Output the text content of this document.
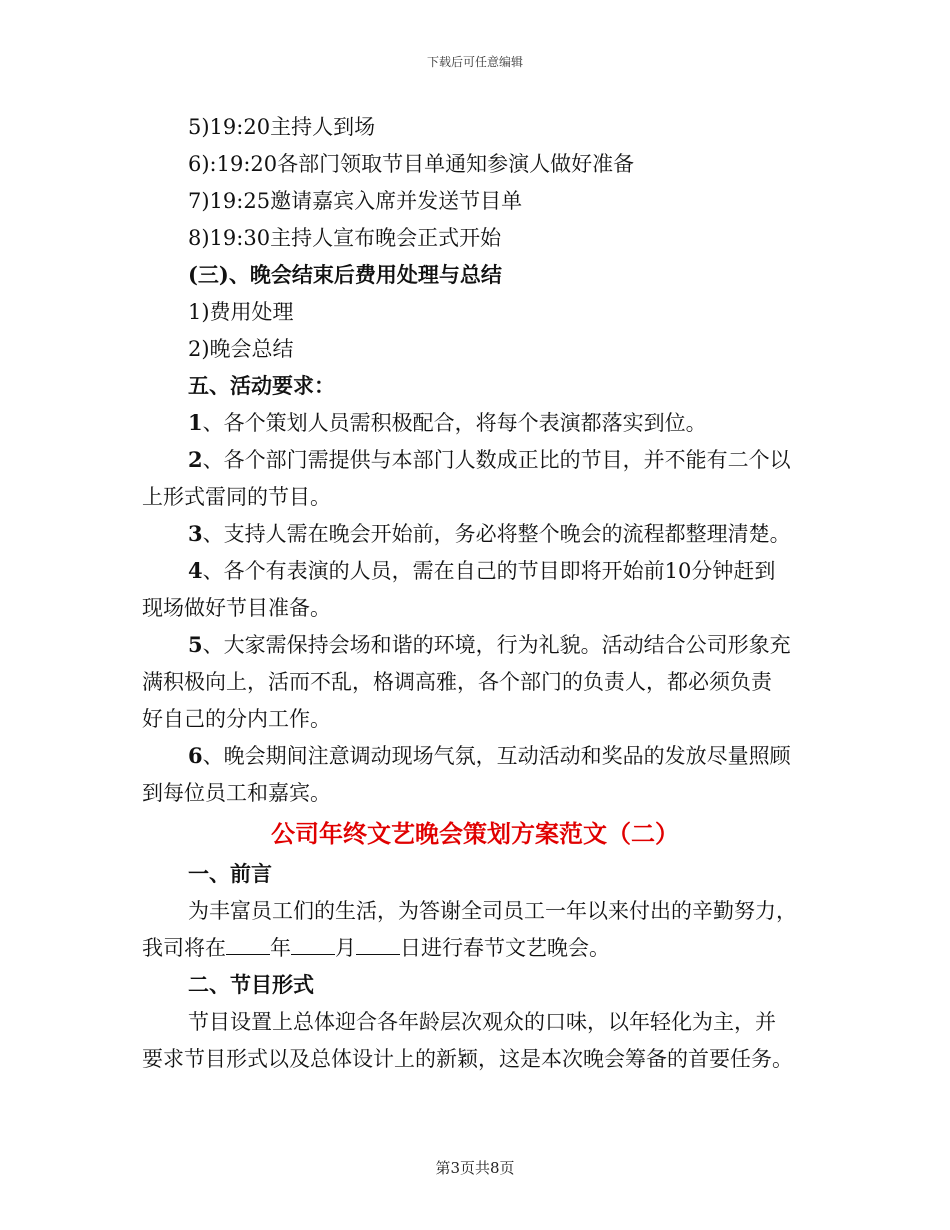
下载后可任意编辑
5)19:20主持人到场
6):19:20各部门领取节目单通知参演人做好准备
7)19:25邀请嘉宾入席并发送节目单
8)19:30主持人宣布晚会正式开始
(三)、晚会结束后费用处理与总结
1)费用处理
2)晚会总结
五、活动要求：
1、各个策划人员需积极配合，将每个表演都落实到位。
2、各个部门需提供与本部门人数成正比的节目，并不能有二个以
上形式雷同的节目。
3、支持人需在晚会开始前，务必将整个晚会的流程都整理清楚。
4、各个有表演的人员，需在自己的节目即将开始前10分钟赶到
现场做好节目准备。
5、大家需保持会场和谐的环境，行为礼貌。活动结合公司形象充
满积极向上，活而不乱，格调高雅，各个部门的负责人，都必须负责
好自己的分内工作。
6、晚会期间注意调动现场气氛，互动活动和奖品的发放尽量照顾
到每位员工和嘉宾。
公司年终文艺晚会策划方案范文（二）
一、前言
为丰富员工们的生活，为答谢全司员工一年以来付出的辛勤努力，
我司将在 年 月 日进行春节文艺晚会。
二、节目形式
节目设置上总体迎合各年龄层次观众的口味，以年轻化为主，并
要求节目形式以及总体设计上的新颖，这是本次晚会筹备的首要任务。
第3页共8页
